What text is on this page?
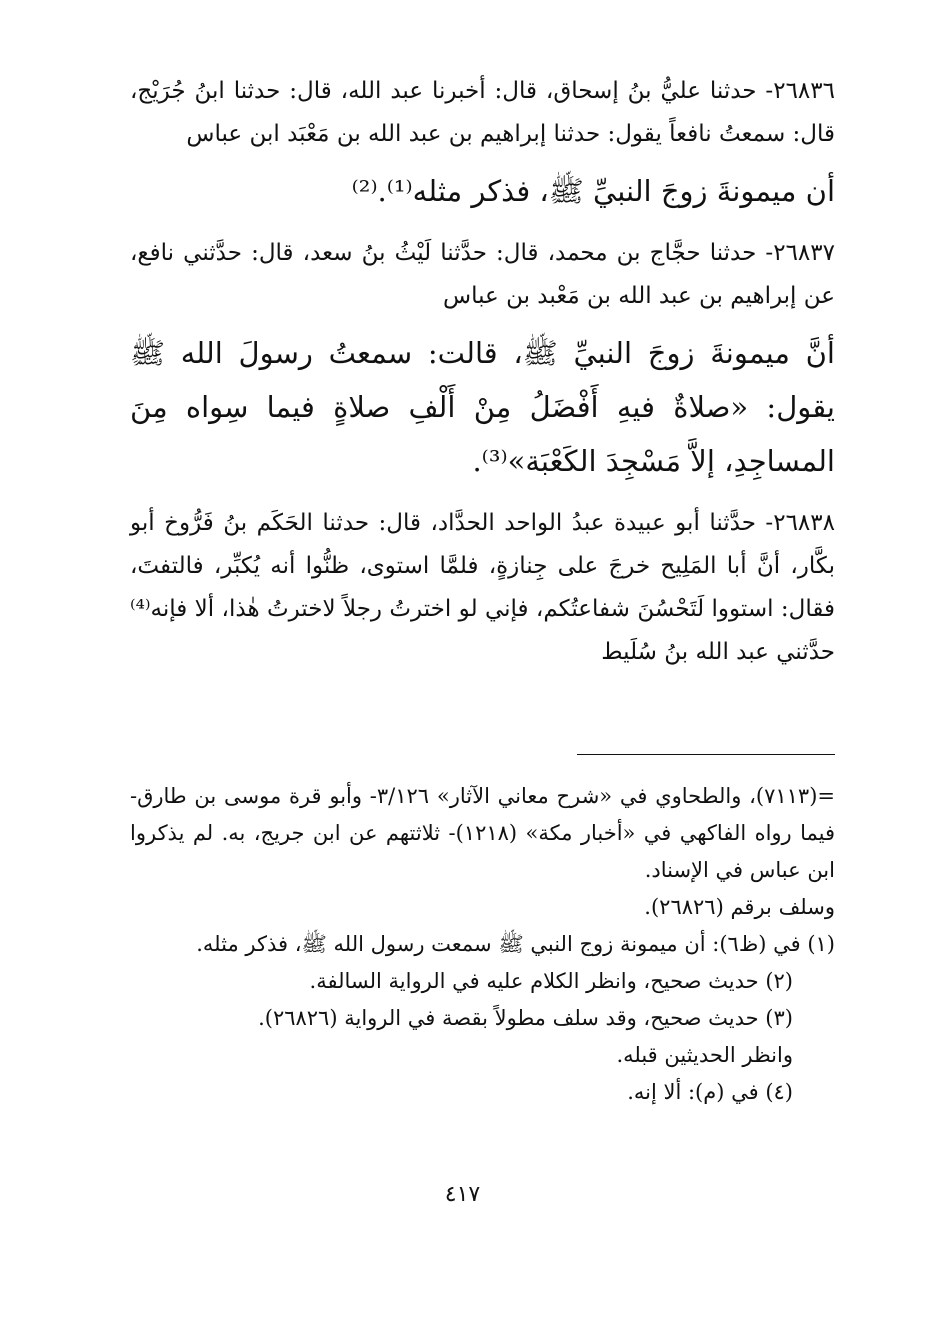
٢٦٨٣٦- حدثنا عليُّ بنُ إسحاق، قال: أخبرنا عبد الله، قال: حدثنا ابنُ جُرَيْج، قال: سمعتُ نافعاً يقول: حدثنا إبراهيم بن عبد الله بن مَعْبَد ابن عباس

أن ميمونةَ زوجَ النبيِّ ﷺ، فذكر مثله⁽¹⁾.⁽²⁾

٢٦٨٣٧- حدثنا حجَّاج بن محمد، قال: حدَّثنا لَيْثُ بنُ سعد، قال: حدَّثني نافع، عن إبراهيم بن عبد الله بن مَعْبد بن عباس

أنَّ ميمونةَ زوجَ النبيِّ ﷺ، قالت: سمعتُ رسولَ الله ﷺ يقول: «صلاةٌ فيهِ أَفْضَلُ مِنْ أَلْفِ صلاةٍ فيما سِواه مِنَ المساجِدِ، إلاَّ مَسْجِدَ الكَعْبَة»⁽³⁾.

٢٦٨٣٨- حدَّثنا أبو عبيدة عبدُ الواحد الحدَّاد، قال: حدثنا الحَكَم بنُ فَرُّوخ أبو بكَّار، أنَّ أبا المَلِيح خرجَ على جِنازةٍ، فلمَّا استوى، ظنُّوا أنه يُكبِّر، فالتفتَ، فقال: استووا لَتَحْسُنَ شفاعتُكم، فإني لو اخترتُ رجلاً لاخترتُ هٰذا، ألا فإنه⁽⁴⁾ حدَّثني عبد الله بنُ سُلَيط

=(٧١١٣)، والطحاوي في «شرح معاني الآثار» ٣/١٢٦- وأبو قرة موسى بن طارق- فيما رواه الفاكهي في «أخبار مكة» (١٢١٨)- ثلاثتهم عن ابن جريج، به. لم يذكروا ابن عباس في الإسناد.

وسلف برقم (٢٦٨٢٦).

(١) في (ظ٦): أن ميمونة زوج النبي ﷺ سمعت رسول الله ﷺ، فذكر مثله.

(٢) حديث صحيح، وانظر الكلام عليه في الرواية السالفة.

(٣) حديث صحيح، وقد سلف مطولاً بقصة في الرواية (٢٦٨٢٦).

وانظر الحديثين قبله.

(٤) في (م): ألا إنه.

٤١٧
